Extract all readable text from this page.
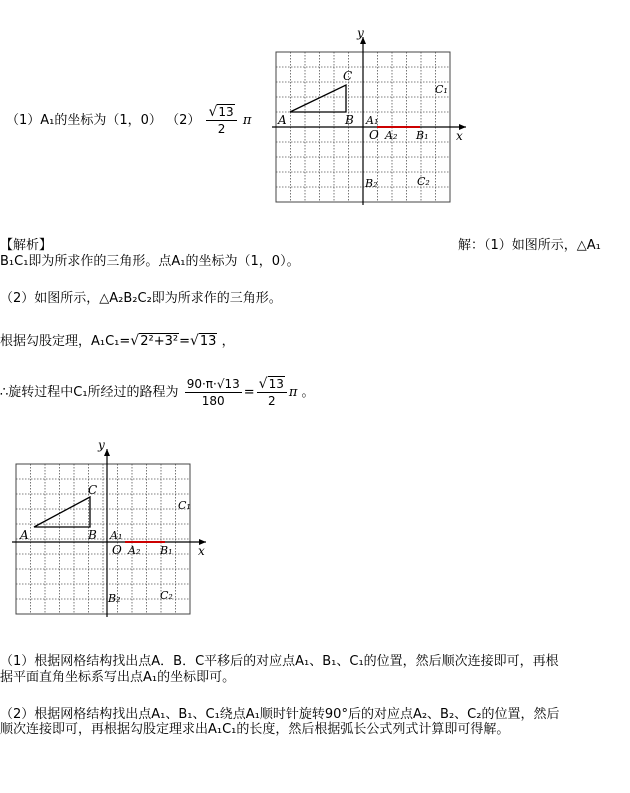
（1）A₁的坐标为（1，0） $(2) \frac{√13}{2}$ π
y
x
O
A	B
C
A₁
B₁
C₁
A₂
B₂	C₂
【解析】	解：（1）如图所示，△A₁
B₁C₁即为所求作的三角形。点A₁的坐标为（1，0）。
（2）如图所示，△A₂B₂C₂即为所求作的三角形。
根据勾股定理，A₁C₁=√2²+3²=√13 ，
∴旋转过程中C₁所经过的路程为 $\frac{90\cdot\pi\cdot√13}{180} = \frac{√13}{2}$ π 。
y
x
O
A	B
C
A₁
B₁
C₁
A₂
B₂	C₂
（1）根据网格结构找出点A．B．C平移后的对应点A₁、B₁、C₁的位置，然后顺次连接即可，再根
据平面直角坐标系写出点A₁的坐标即可。
（2）根据网格结构找出点A₁、B₁、C₁绕点A₁顺时针旋转90°后的对应点A₂、B₂、C₂的位置，然后
顺次连接即可，再根据勾股定理求出A₁C₁的长度，然后根据弧长公式列式计算即可得解。
